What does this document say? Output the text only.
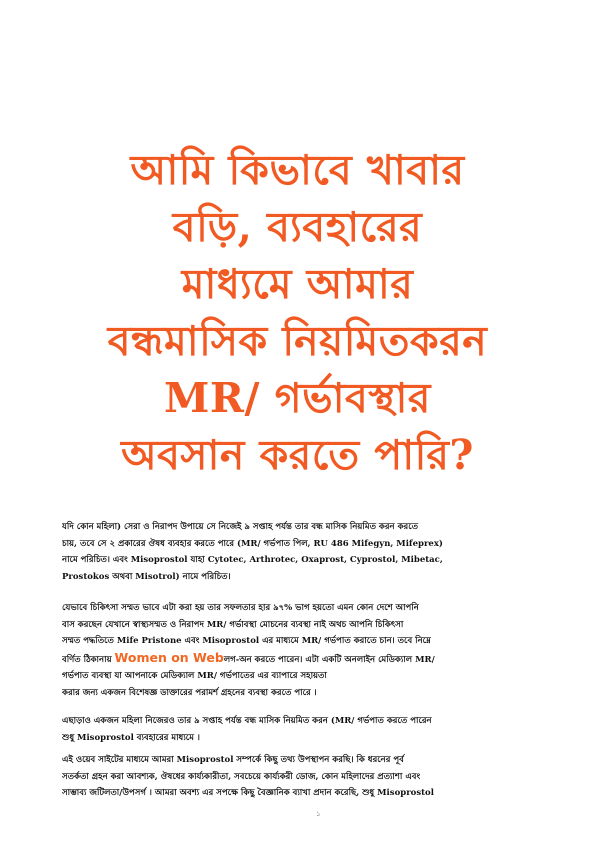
আমি কিভাবে খাবার
বড়ি, ব্যবহারের
মাধ্যমে আমার
বন্ধমাসিক নিয়মিতকরন
MR/ গর্ভাবস্থার
অবসান করতে পারি?
যদি কোন মহিলা) সেরা ও নিরাপদ উপায়ে সে নিজেই ৯ সপ্তাহ পর্যন্ত তার বন্ধ মাসিক নিয়মিত করন করতে
চায়, তবে সে ২ প্রকারের ঔষধ ব্যবহার করতে পারে (MR/ গর্ভপাত পিল, RU 486 Mifegyn, Mifeprex)
নামে পরিচিত। এবং Misoprostol যাহা Cytotec, Arthrotec, Oxaprost, Cyprostol, Mibetac,
Prostokos অথবা Misotrol) নামে পরিচিত।
যেভাবে চিকিৎসা সম্মত ভাবে এটা করা হয় তার সফলতার হার ৯৭% ভাগ হয়তো এমন কোন দেশে আপনি
বাস করছেন যেখানে স্বাস্থ্যসম্মত ও নিরাপদ MR/ গর্ভাবস্থা মোচনের ব্যবস্থা নাই অথচ আপনি চিকিৎসা
সম্মত পদ্ধতিতে Mife Pristone এবং Misoprostol এর মাধ্যমে MR/ গর্ভপাত করাতে চান। তবে নিম্নে
বর্ণিত ঠিকানায় Women on Webলগ-অন করতে পারেন। এটা একটি অনলাইন মেডিক্যাল MR/
গর্ভপাত ব্যবস্থা যা আপনাকে মেডিক্যাল MR/ গর্ভপাতের এর ব্যাপারে সহায়তা
করার জন্য একজন বিশেষজ্ঞ ডাক্তারের পরামর্শ গ্রহনের ব্যবস্থা করতে পারে ।
এছাড়াও একজন মহিলা নিজেরও তার ৯ সপ্তাহ পর্যন্ত বন্ধ মাসিক নিয়মিত করন (MR/ গর্ভপাত করতে পারেন
শুধু Misoprostol ব্যবহারের মাধ্যমে ।
এই ওয়েব সাইটের মাধ্যমে আমরা Misoprostol সম্পর্কে কিছু তথ্য উপস্থাপন করছি। কি ধরনের পূর্ব
সতর্কতা গ্রহন করা আবশ্যক, ঔষধের কার্য্যকারীতা, সবচেয়ে কার্য্যকরী ডোজ, কোন মহিলাদের প্রত্যাশা এবং
সাম্ভাব্য জটিলতা/উপসর্গ । আমরা অবশ্য এর সপক্ষে কিছু বৈজ্ঞানিক ব্যাখা প্রদান করেছি, শুধু Misoprostol
১
